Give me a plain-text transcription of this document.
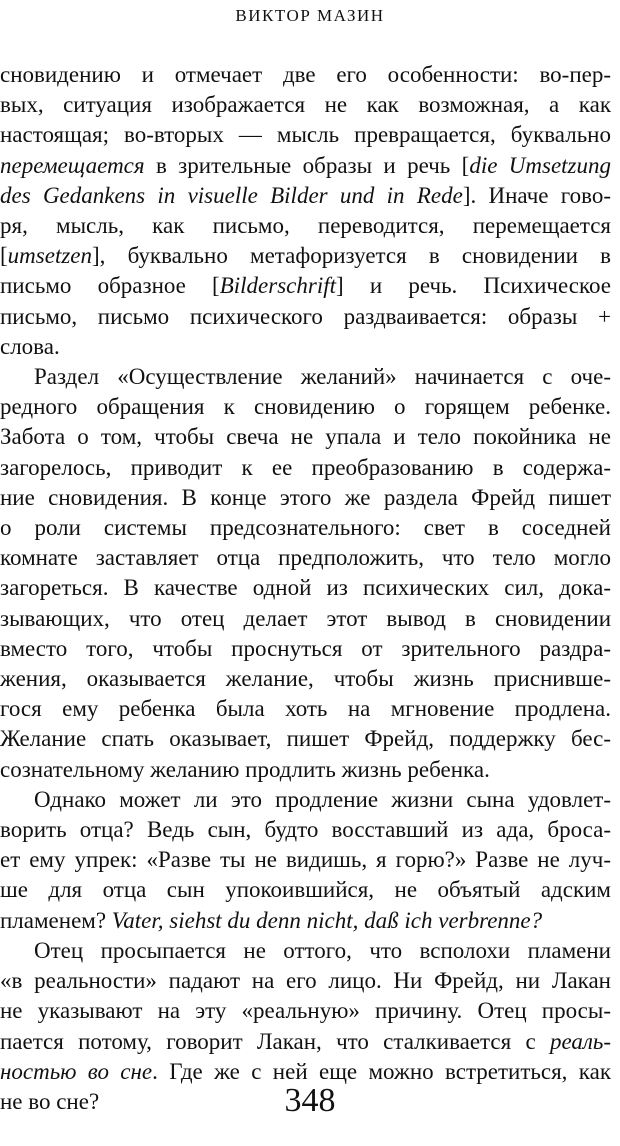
ВИКТОР МАЗИН
сновидению и отмечает две его особенности: во-пер-
вых, ситуация изображается не как возможная, а как
настоящая; во-вторых — мысль превращается, буквально
перемещается в зрительные образы и речь [die Umsetzung
des Gedankens in visuelle Bilder und in Rede]. Иначе гово-
ря, мысль, как письмо, переводится, перемещается
[umsetzen], буквально метафоризуется в сновидении в
письмо образное [Bilderschrift] и речь. Психическое
письмо, письмо психического раздваивается: образы +
слова.
Раздел «Осуществление желаний» начинается с оче-
редного обращения к сновидению о горящем ребенке.
Забота о том, чтобы свеча не упала и тело покойника не
загорелось, приводит к ее преобразованию в содержа-
ние сновидения. В конце этого же раздела Фрейд пишет
о роли системы предсознательного: свет в соседней
комнате заставляет отца предположить, что тело могло
загореться. В качестве одной из психических сил, дока-
зывающих, что отец делает этот вывод в сновидении
вместо того, чтобы проснуться от зрительного раздра-
жения, оказывается желание, чтобы жизнь приснивше-
гося ему ребенка была хоть на мгновение продлена.
Желание спать оказывает, пишет Фрейд, поддержку бес-
сознательному желанию продлить жизнь ребенка.
Однако может ли это продление жизни сына удовлет-
ворить отца? Ведь сын, будто восставший из ада, броса-
ет ему упрек: «Разве ты не видишь, я горю?» Разве не луч-
ше для отца сын упокоившийся, не объятый адским
пламенем? Vater, siehst du denn nicht, daß ich verbrenne?
Отец просыпается не оттого, что всполохи пламени
«в реальности» падают на его лицо. Ни Фрейд, ни Лакан
не указывают на эту «реальную» причину. Отец просы-
пается потому, говорит Лакан, что сталкивается с реаль-
ностью во сне. Где же с ней еще можно встретиться, как
не во сне?	348
